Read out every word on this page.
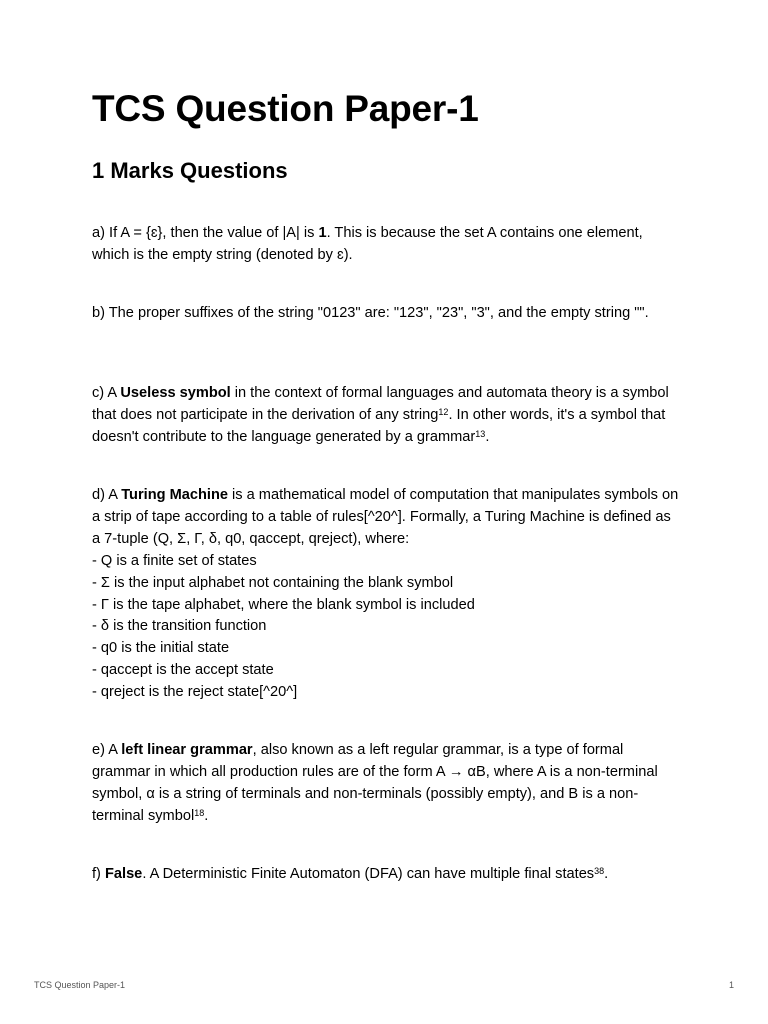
TCS Question Paper-1
1 Marks Questions

a) If A = {ɛ}, then the value of |A| is 1. This is because the set A contains one element, which is the empty string (denoted by ɛ).

b) The proper suffixes of the string "0123" are: "123", "23", "3", and the empty string "".

c) A Useless symbol in the context of formal languages and automata theory is a symbol that does not participate in the derivation of any string$^{12}$. In other words, it's a symbol that doesn't contribute to the language generated by a grammar$^{13}$.

d) A Turing Machine is a mathematical model of computation that manipulates symbols on a strip of tape according to a table of rules[^20^]. Formally, a Turing Machine is defined as a 7-tuple (Q, Σ, Γ, δ, q0, qaccept, qreject), where:

- Q is a finite set of states

- Σ is the input alphabet not containing the blank symbol

- Γ is the tape alphabet, where the blank symbol is included

- δ is the transition function

- q0 is the initial state

- qaccept is the accept state

- qreject is the reject state[^20^]

e) A left linear grammar, also known as a left regular grammar, is a type of formal grammar in which all production rules are of the form A → αB, where A is a non-terminal symbol, α is a string of terminals and non-terminals (possibly empty), and B is a non-terminal symbol$^{18}$.

f) False. A Deterministic Finite Automaton (DFA) can have multiple final states$^{38}$.

TCS Question Paper-1	1
